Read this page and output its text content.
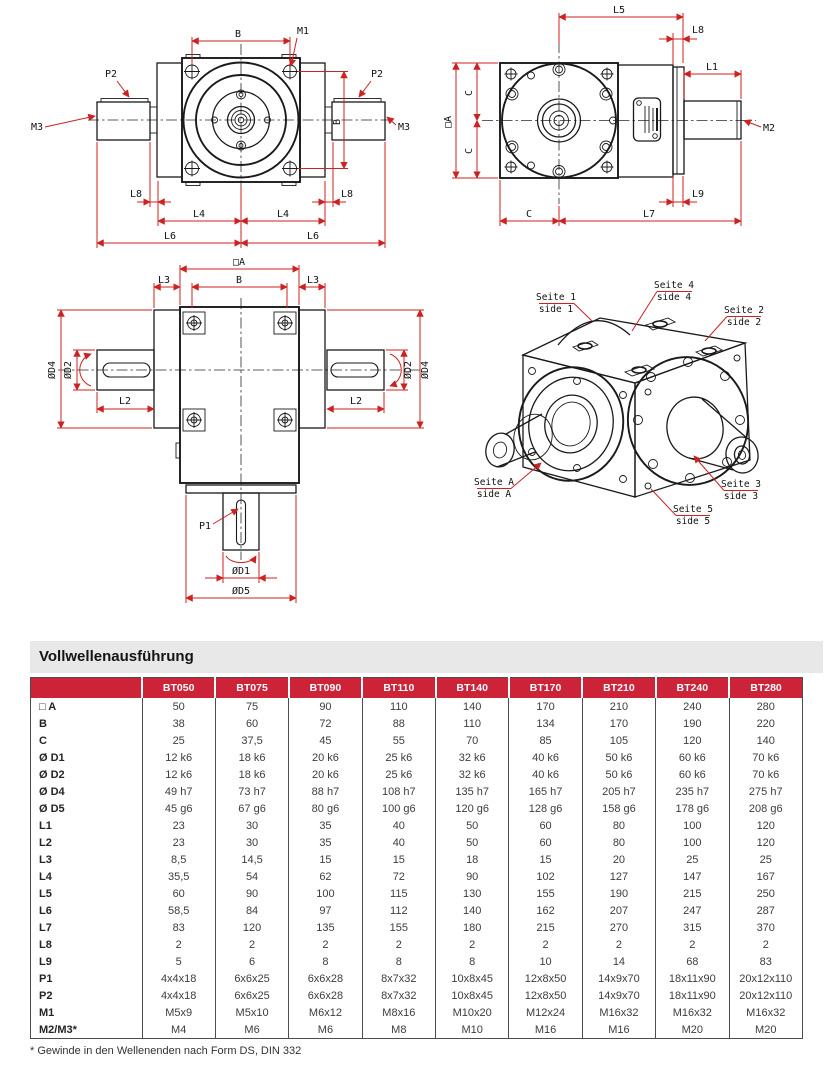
B	M1
P2	P2
M3	M3
B
L8	L8
L4	L4
L6	L6
L5
L8
L1
M2
□A
C
C
L9
C	L7
□A
B
L3	L3
ØD4 ØD2	ØD2 ØD4
L2	L2
P1
ØD1
ØD5
Seite 1
side 1
Seite 4
side 4
Seite 2
side 2
Seite A
side A
Seite 3
side 3
Seite 5
side 5
Vollwellenausführung
	BT050	BT075	BT090	BT110	BT140	BT170	BT210	BT240	BT280
□ A	50	75	90	110	140	170	210	240	280
B	38	60	72	88	110	134	170	190	220
C	25	37,5	45	55	70	85	105	120	140
Ø D1	12 k6	18 k6	20 k6	25 k6	32 k6	40 k6	50 k6	60 k6	70 k6
Ø D2	12 k6	18 k6	20 k6	25 k6	32 k6	40 k6	50 k6	60 k6	70 k6
Ø D4	49 h7	73 h7	88 h7	108 h7	135 h7	165 h7	205 h7	235 h7	275 h7
Ø D5	45 g6	67 g6	80 g6	100 g6	120 g6	128 g6	158 g6	178 g6	208 g6
L1	23	30	35	40	50	60	80	100	120
L2	23	30	35	40	50	60	80	100	120
L3	8,5	14,5	15	15	18	15	20	25	25
L4	35,5	54	62	72	90	102	127	147	167
L5	60	90	100	115	130	155	190	215	250
L6	58,5	84	97	112	140	162	207	247	287
L7	83	120	135	155	180	215	270	315	370
L8	2	2	2	2	2	2	2	2	2
L9	5	6	8	8	8	10	14	68	83
P1	4x4x18	6x6x25	6x6x28	8x7x32	10x8x45	12x8x50	14x9x70	18x11x90	20x12x110
P2	4x4x18	6x6x25	6x6x28	8x7x32	10x8x45	12x8x50	14x9x70	18x11x90	20x12x110
M1	M5x9	M5x10	M6x12	M8x16	M10x20	M12x24	M16x32	M16x32	M16x32
M2/M3*	M4	M6	M6	M8	M10	M16	M16	M20	M20
* Gewinde in den Wellenenden nach Form DS, DIN 332
